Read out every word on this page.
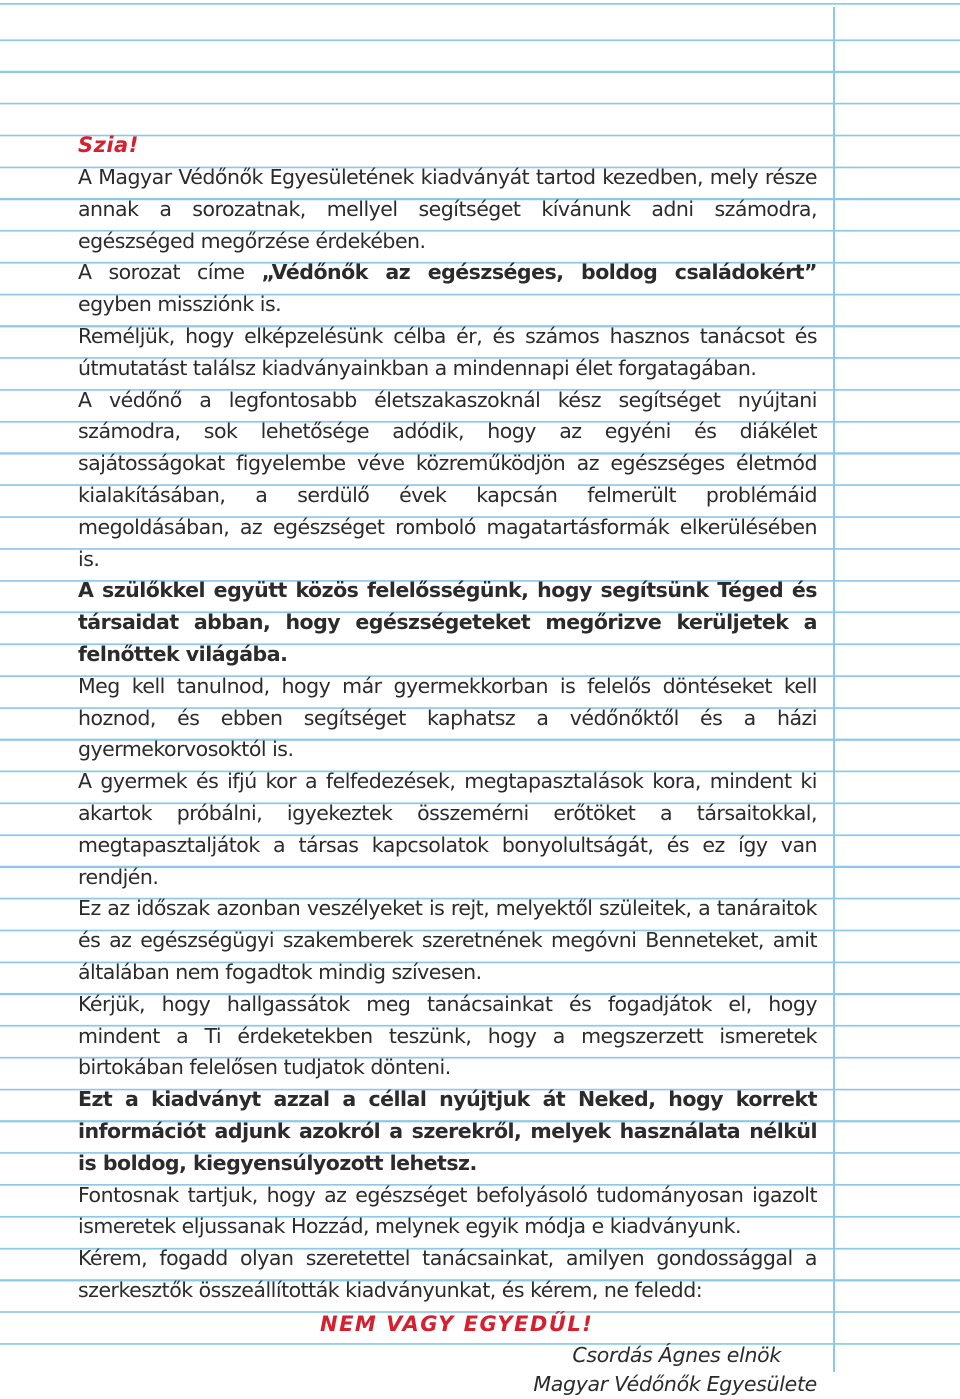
Szia!

A Magyar Védőnők Egyesületének kiadványát tartod kezedben, mely része annak a sorozatnak, mellyel segítséget kívánunk adni számodra, egészséged megőrzése érdekében.

A sorozat címe „Védőnők az egészséges, boldog családokért” egyben missziónk is.

Reméljük, hogy elképzelésünk célba ér, és számos hasznos tanácsot és útmutatást találsz kiadványainkban a mindennapi élet forgatagában.

A védőnő a legfontosabb életszakaszoknál kész segítséget nyújtani számodra, sok lehetősége adódik, hogy az egyéni és diákélet sajátosságokat figyelembe véve közreműködjön az egészséges életmód kialakításában, a serdülő évek kapcsán felmerült problémáid megoldásában, az egészséget romboló magatartásformák elkerülésében is.

A szülőkkel együtt közös felelősségünk, hogy segítsünk Téged és társaidat abban, hogy egészségeteket megőrizve kerüljetek a felnőttek világába.

Meg kell tanulnod, hogy már gyermekkorban is felelős döntéseket kell hoznod, és ebben segítséget kaphatsz a védőnőktől és a házi gyermekorvosoktól is.

A gyermek és ifjú kor a felfedezések, megtapasztalások kora, mindent ki akartok próbálni, igyekeztek összemérni erőtöket a társaitokkal, megtapasztaljátok a társas kapcsolatok bonyolultságát, és ez így van rendjén.

Ez az időszak azonban veszélyeket is rejt, melyektől szüleitek, a tanáraitok és az egészségügyi szakemberek szeretnének megóvni Benneteket, amit általában nem fogadtok mindig szívesen.

Kérjük, hogy hallgassátok meg tanácsainkat és fogadjátok el, hogy mindent a Ti érdeketekben teszünk, hogy a megszerzett ismeretek birtokában felelősen tudjatok dönteni.

Ezt a kiadványt azzal a céllal nyújtjuk át Neked, hogy korrekt információt adjunk azokról a szerekről, melyek használata nélkül is boldog, kiegyensúlyozott lehetsz.

Fontosnak tartjuk, hogy az egészséget befolyásoló tudományosan igazolt ismeretek eljussanak Hozzád, melynek egyik módja e kiadványunk.

Kérem, fogadd olyan szeretettel tanácsainkat, amilyen gondossággal a szerkesztők összeállították kiadványunkat, és kérem, ne feledd:

NEM VAGY EGYEDŰL!

Csordás Ágnes elnök

Magyar Védőnők Egyesülete
